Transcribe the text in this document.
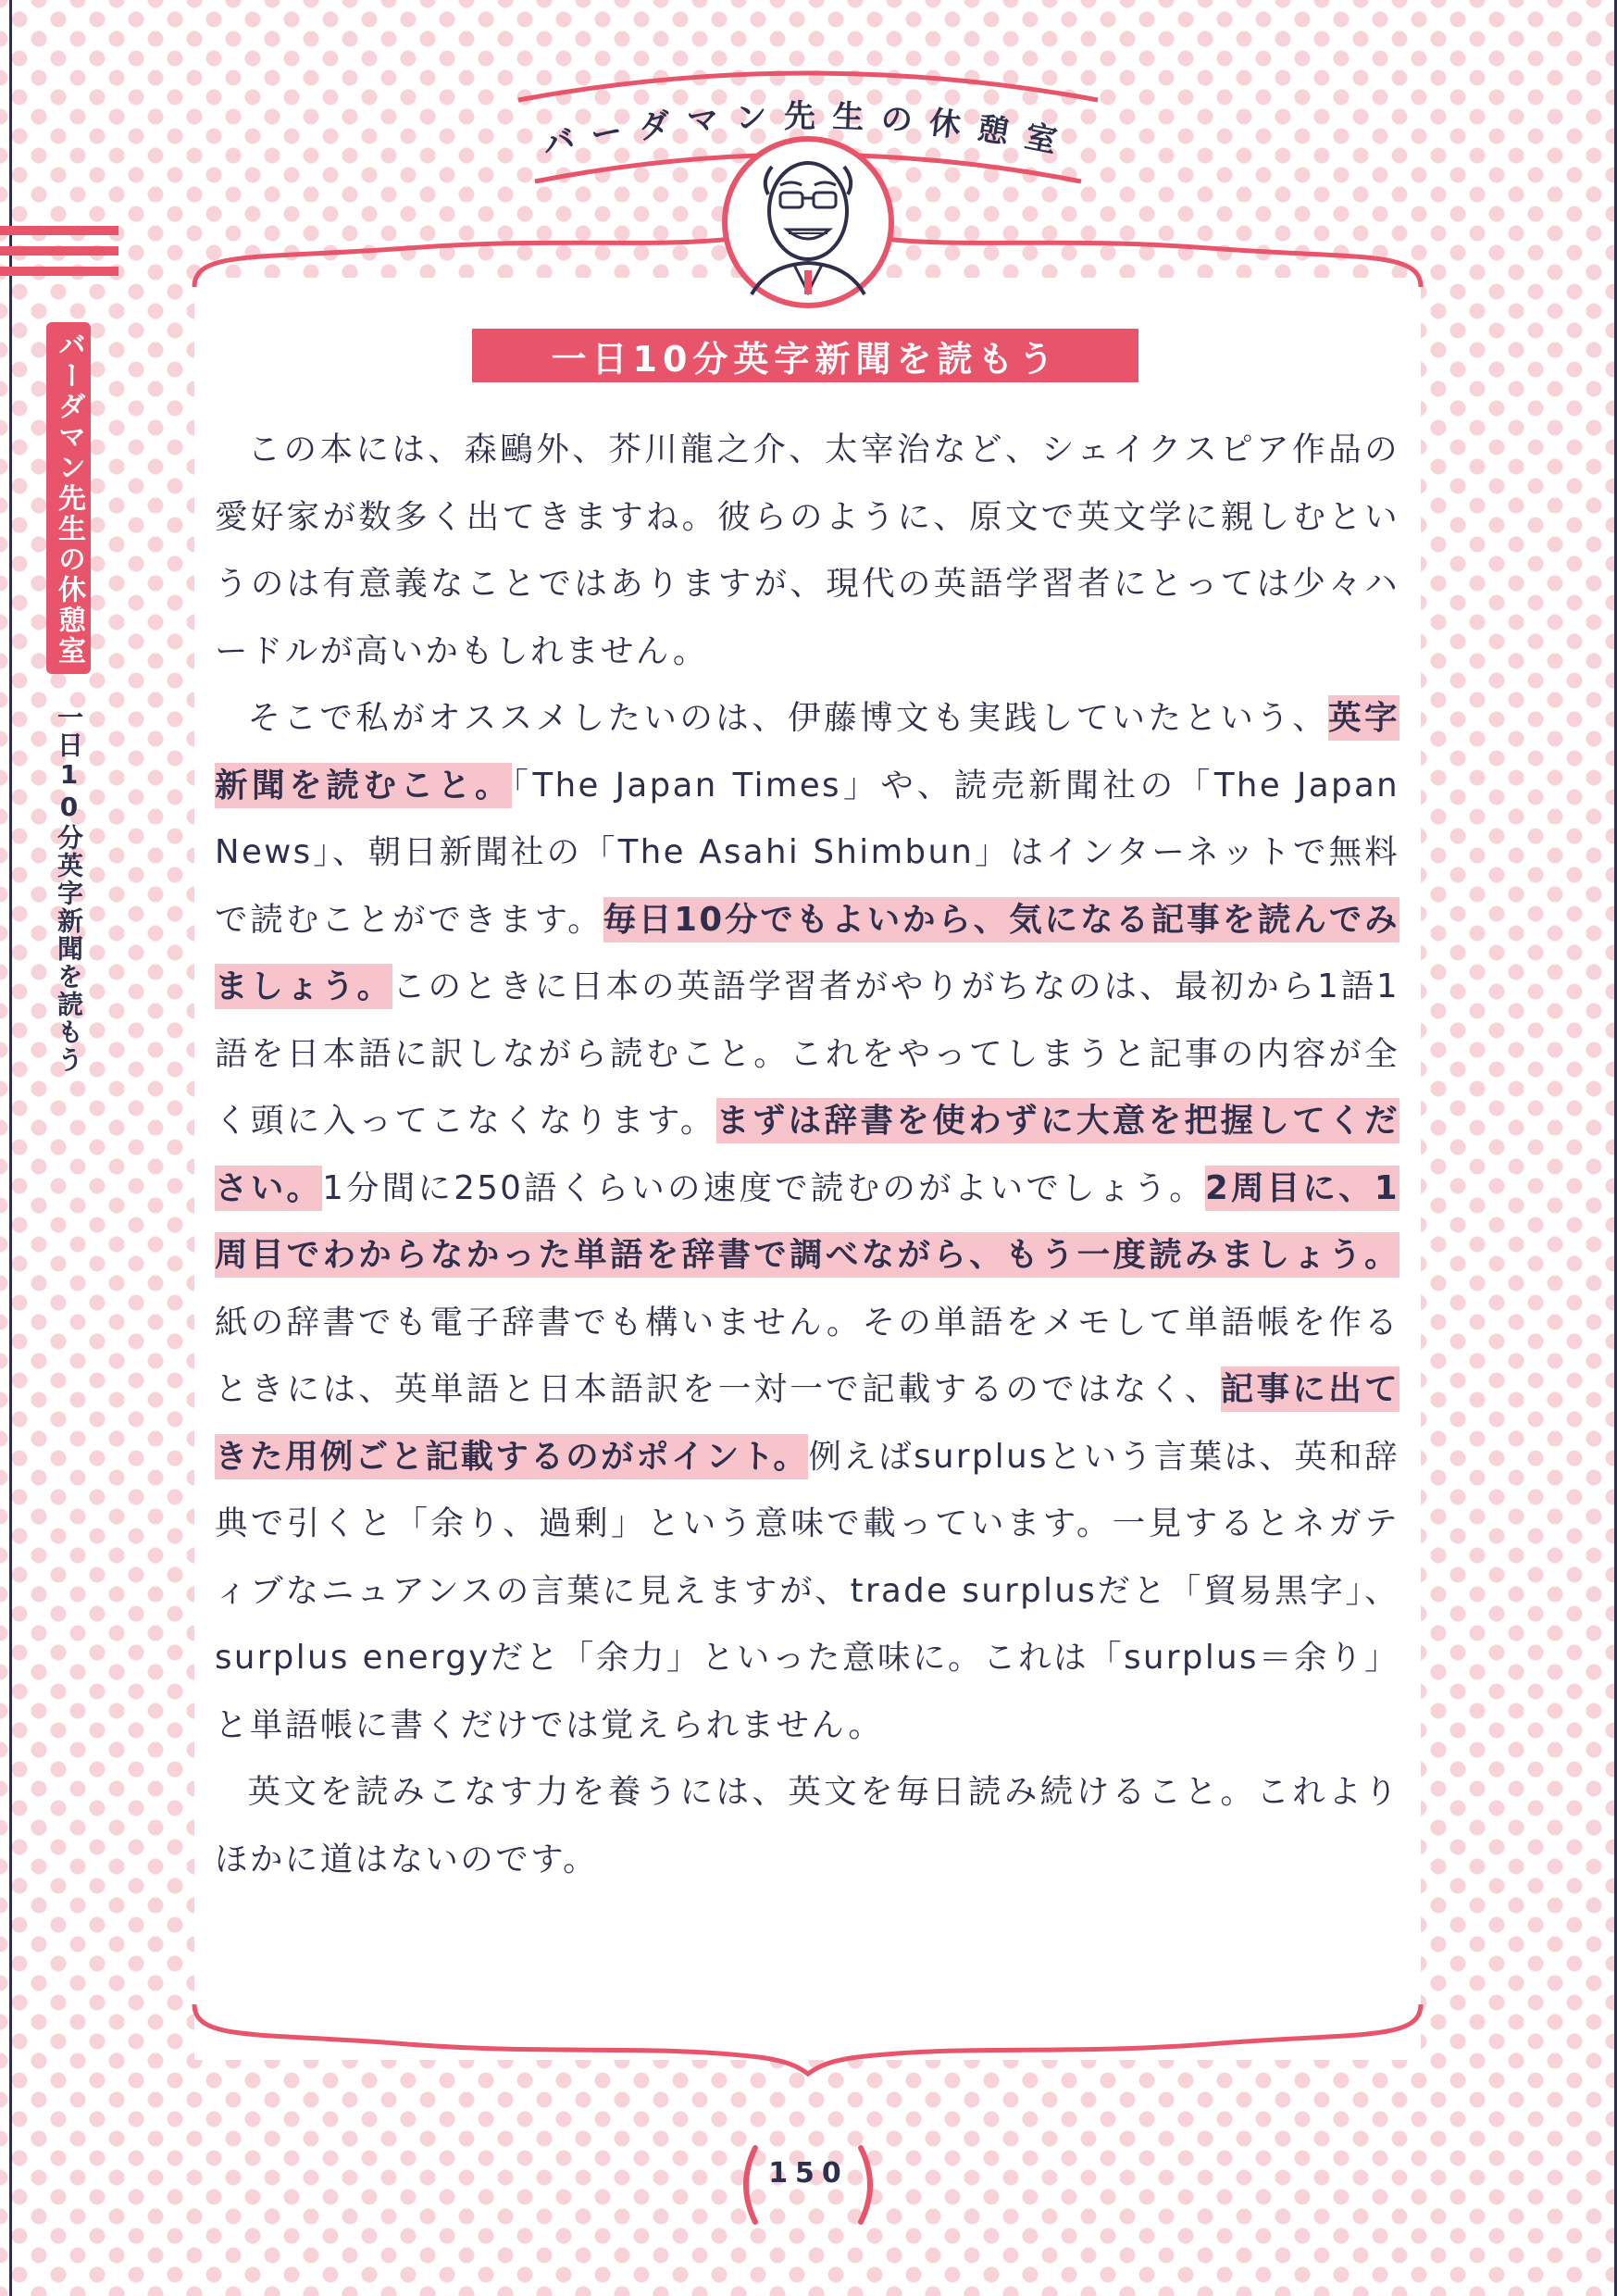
バーダマン先生の休憩室
バーダマン先生の休憩室
一日10分英字新聞を読もう
一日10分英字新聞を読もう

この本には、森鷗外、芥川龍之介、太宰治など、シェイクスピア作品の愛好家が数多く出てきますね。彼らのように、原文で英文学に親しむというのは有意義なことではありますが、現代の英語学習者にとっては少々ハードルが高いかもしれません。

そこで私がオススメしたいのは、伊藤博文も実践していたという、英字新聞を読むこと。「The Japan Times」や、読売新聞社の「The Japan News」、朝日新聞社の「The Asahi Shimbun」はインターネットで無料で読むことができます。毎日10分でもよいから、気になる記事を読んでみましょう。このときに日本の英語学習者がやりがちなのは、最初から1語1語を日本語に訳しながら読むこと。これをやってしまうと記事の内容が全く頭に入ってこなくなります。まずは辞書を使わずに大意を把握してください。1分間に250語くらいの速度で読むのがよいでしょう。2周目に、1周目でわからなかった単語を辞書で調べながら、もう一度読みましょう。紙の辞書でも電子辞書でも構いません。その単語をメモして単語帳を作るときには、英単語と日本語訳を一対一で記載するのではなく、記事に出てきた用例ごと記載するのがポイント。例えばsurplusという言葉は、英和辞典で引くと「余り、過剰」という意味で載っています。一見するとネガティブなニュアンスの言葉に見えますが、trade surplusだと「貿易黒字」、surplus energyだと「余力」といった意味に。これは「surplus＝余り」と単語帳に書くだけでは覚えられません。

英文を読みこなす力を養うには、英文を毎日読み続けること。これよりほかに道はないのです。

150
